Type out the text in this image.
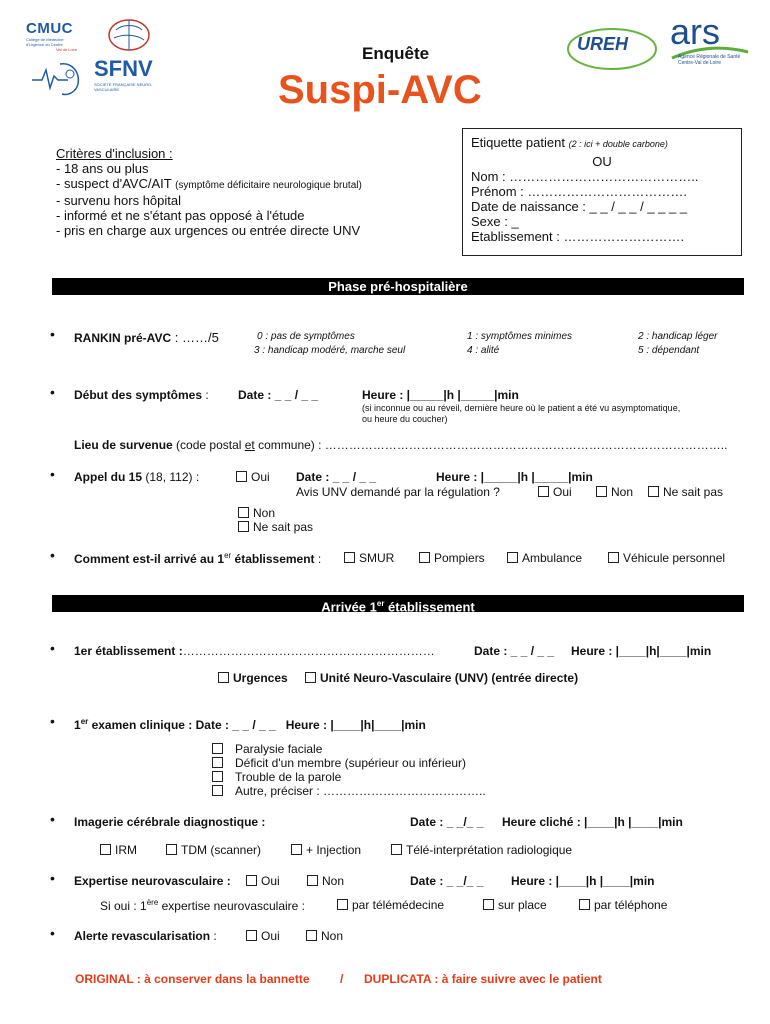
CMUC
Collège de Médecine d'Urgence du Centre
Val de Loire
SFNV
SOCIÉTÉ FRANÇAISE NEURO-VASCULAIRE
Enquête
Suspi-AVC
UREH ars
Agence Régionale de Santé Centre-Val de Loire
Critères d'inclusion :
- 18 ans ou plus
- suspect d'AVC/AIT (symptôme déficitaire neurologique brutal)
- survenu hors hôpital
- informé et ne s'étant pas opposé à l'étude
- pris en charge aux urgences ou entrée directe UNV
Etiquette patient (2 : ici + double carbone)
OU
Nom : ……………………………………..
Prénom : ……………………………….
Date de naissance : _ _ / _ _ / _ _ _ _
Sexe : _
Etablissement : ……………………….
Phase pré-hospitalière
• RANKIN pré-AVC : ……/5	0 : pas de symptômes	1 : symptômes minimes	2 : handicap léger
3 : handicap modéré, marche seul	4 : alité	5 : dépendant
• Début des symptômes : Date : _ _ / _ _	Heure : |_____|h |_____|min
(si inconnue ou au réveil, dernière heure où le patient a été vu asymptomatique,
ou heure du coucher)
Lieu de survenue (code postal et commune) : ………………………………………………………………………………………..
• Appel du 15 (18, 112) :	Oui Date : _ _ / _ _	Heure : |_____|h |_____|min
Avis UNV demandé par la régulation ?	Oui	Non	Ne sait pas
Non
Ne sait pas
• Comment est-il arrivé au 1er établissement :	SMUR	Pompiers	Ambulance	Véhicule personnel
Arrivée 1er établissement
• 1er établissement :………………………………………………………	Date : _ _ / _ _ Heure : |____|h|____|min
Urgences	Unité Neuro-Vasculaire (UNV) (entrée directe)
• 1er examen clinique : Date : _ _ / _ _ Heure : |____|h|____|min
Paralysie faciale
Déficit d'un membre (supérieur ou inférieur)
Trouble de la parole
Autre, préciser : …………………………………..
• Imagerie cérébrale diagnostique :	Date : _ _/_ _ Heure cliché : |____|h |____|min
IRM	TDM (scanner)	+ Injection	Télé-interprétation radiologique
• Expertise neurovasculaire :	Oui	Non	Date : _ _/_ _ Heure : |____|h |____|min
Si oui : 1ère expertise neurovasculaire :	par télémédecine	sur place	par téléphone
• Alerte revascularisation :	Oui	Non
ORIGINAL : à conserver dans la bannette	/ DUPLICATA : à faire suivre avec le patient
